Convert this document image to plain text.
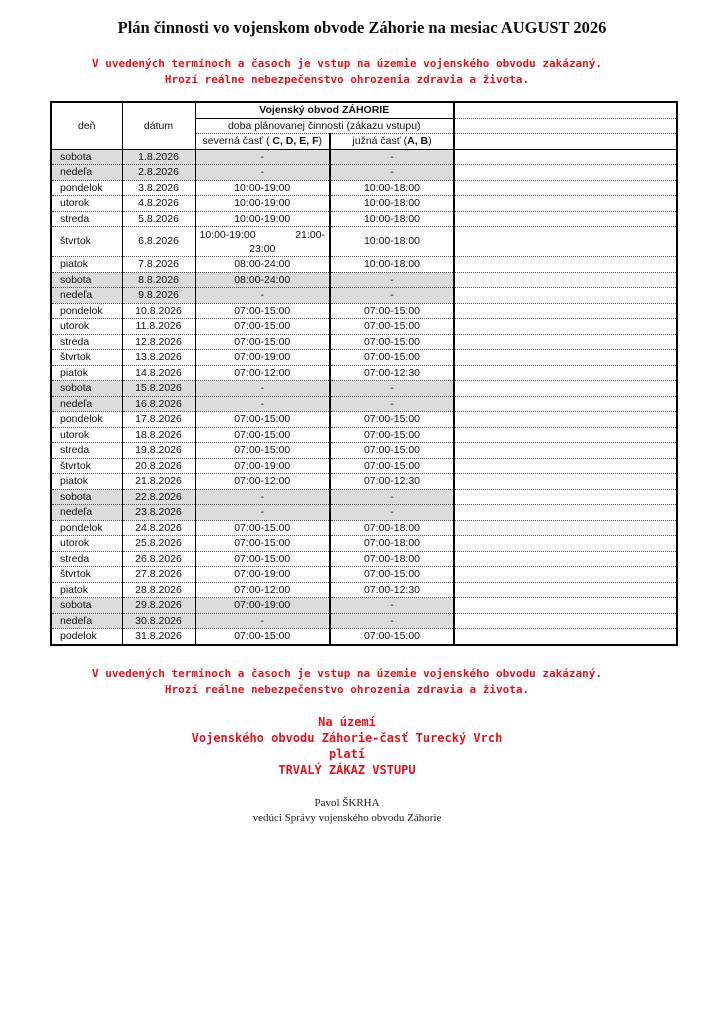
Plán činnosti vo vojenskom obvode Záhorie na mesiac AUGUST 2026
V uvedených termínoch a časoch je vstup na územie vojenského obvodu zakázaný.
Hrozí reálne nebezpečenstvo ohrozenia zdravia a života.
deň	dátum	Vojenský obvod ZÁHORIE		
		doba plánovanej činnosti (zákazu vstupu)		
		severná časť ( C, D, E, F)	južná časť (A, B)	
sobota	1.8.2026	-	-	
nedeľa	2.8.2026	-	-	
pondelok	3.8.2026	10:00-19:00	10:00-18:00	
utorok	4.8.2026	10:00-19:00	10:00-18:00	
streda	5.8.2026	10:00-19:00	10:00-18:00	
štvrtok	6.8.2026	10:00-19:00 21:00-
23:00	10:00-18:00	
piatok	7.8.2026	08:00-24:00	10:00-18:00	
sobota	8.8.2026	08:00-24:00	-	
nedeľa	9.8.2026	-	-	
pondelok	10.8.2026	07:00-15:00	07:00-15:00	
utorok	11.8.2026	07:00-15:00	07:00-15:00	
streda	12.8.2026	07:00-15:00	07:00-15:00	
štvrtok	13.8.2026	07:00-19:00	07:00-15:00	
piatok	14.8.2026	07:00-12:00	07:00-12:30	
sobota	15.8.2026	-	-	
nedeľa	16.8.2026	-	-	
pondelok	17.8.2026	07:00-15:00	07:00-15:00	
utorok	18.8.2026	07:00-15:00	07:00-15:00	
streda	19.8.2026	07:00-15:00	07:00-15:00	
štvrtok	20.8.2026	07:00-19:00	07:00-15:00	
piatok	21.8.2026	07:00-12:00	07:00-12:30	
sobota	22.8.2026	-	-	
nedeľa	23.8.2026	-	-	
pondelok	24.8.2026	07:00-15:00	07:00-18:00	
utorok	25.8.2026	07:00-15:00	07:00-18:00	
streda	26.8.2026	07:00-15:00	07:00-18:00	
štvrtok	27.8.2026	07:00-19:00	07:00-15:00	
piatok	28.8.2026	07:00-12:00	07:00-12:30	
sobota	29.8.2026	07:00-19:00	-	
nedeľa	30.8.2026	-	-	
podelok	31.8.2026	07:00-15:00	07:00-15:00	
V uvedených termínoch a časoch je vstup na územie vojenského obvodu zakázaný.
Hrozí reálne nebezpečenstvo ohrozenia zdravia a života.
Na území
Vojenského obvodu Záhorie-časť Turecký Vrch
platí
TRVALÝ ZÁKAZ VSTUPU
Pavol ŠKRHA
vedúci Správy vojenského obvodu Záhorie
